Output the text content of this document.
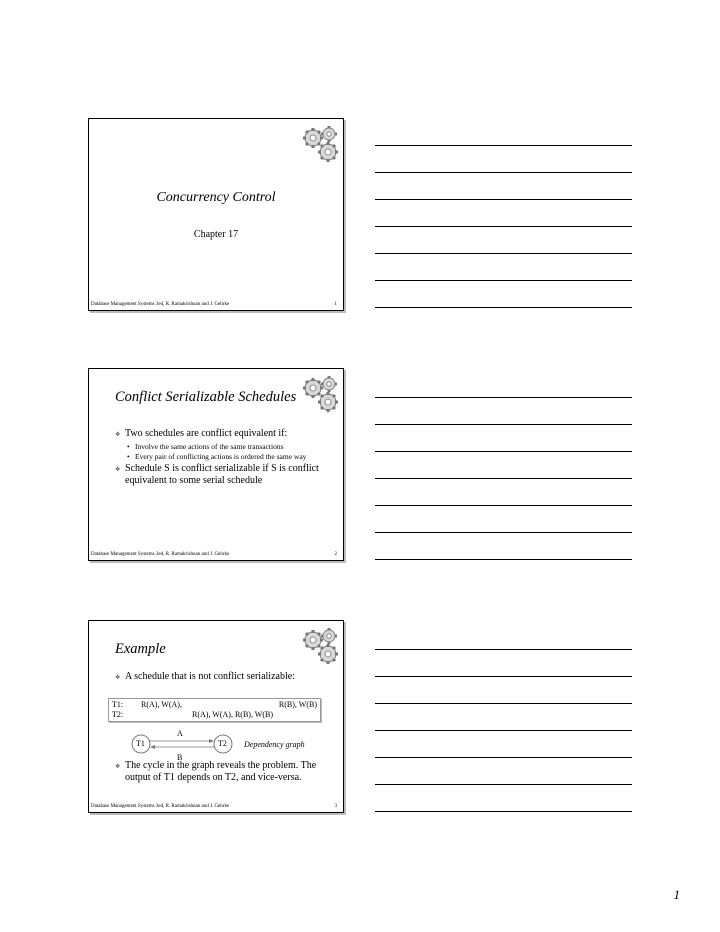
Concurrency Control
Chapter 17
Database Management Systems 3ed, R. Ramakrishnan and J. Gehrke	1
Conflict Serializable Schedules
❖ Two schedules are conflict equivalent if:
• Involve the same actions of the same transactions
• Every pair of conflicting actions is ordered the same way
❖ Schedule S is conflict serializable if S is conflict equivalent to some serial schedule
Database Management Systems 3ed, R. Ramakrishnan and J. Gehrke	2
Example
❖ A schedule that is not conflict serializable:
T1: R(A), W(A),	R(B), W(B)
T2:	R(A), W(A), R(B), W(B)
T1	T2
A
B
Dependency graph
❖ The cycle in the graph reveals the problem. The output of T1 depends on T2, and vice-versa.
Database Management Systems 3ed, R. Ramakrishnan and J. Gehrke	3
1
